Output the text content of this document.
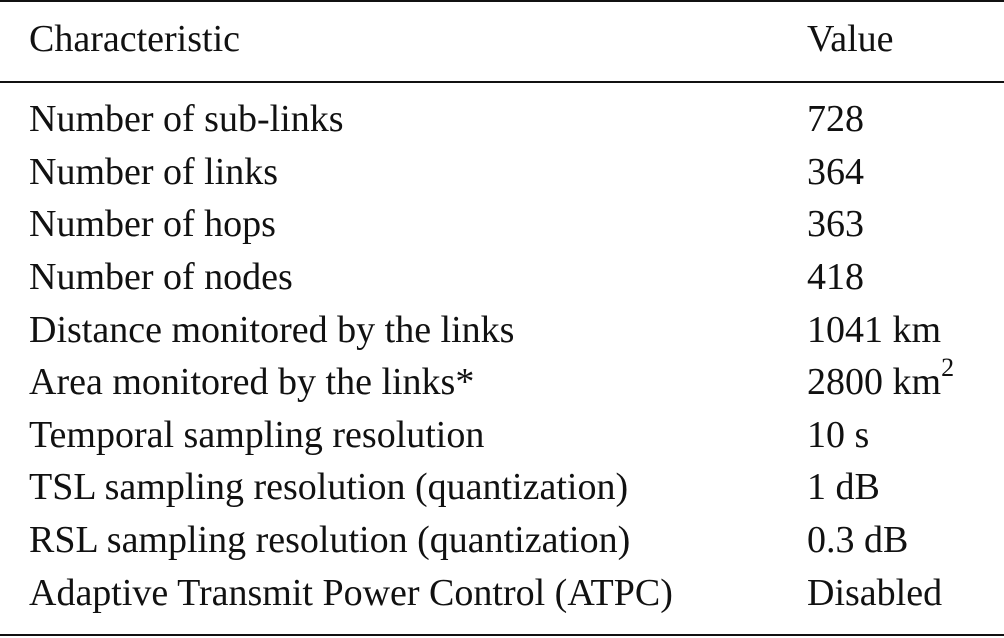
Characteristic	Value
Number of sub-links	728
Number of links	364
Number of hops	363
Number of nodes	418
Distance monitored by the links	1041 km
Area monitored by the links*	2800 $km^2$
Temporal sampling resolution	10 s
TSL sampling resolution (quantization)	1 dB
RSL sampling resolution (quantization)	0.3 dB
Adaptive Transmit Power Control (ATPC)	Disabled
